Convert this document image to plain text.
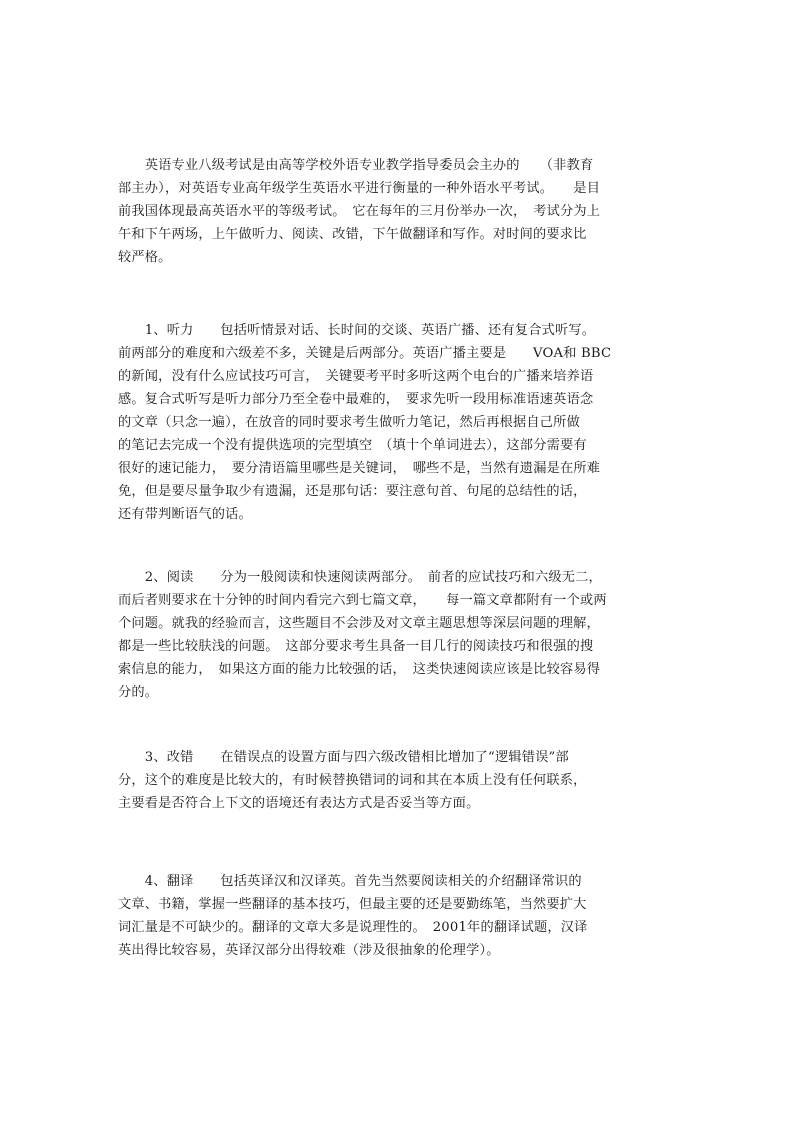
　　英语专业八级考试是由高等学校外语专业教学指导委员会主办的　　（非教育
部主办），对英语专业高年级学生英语水平进行衡量的一种外语水平考试。　　是目
前我国体现最高英语水平的等级考试。　它在每年的三月份举办一次，　考试分为上
午和下午两场，上午做听力、阅读、改错，下午做翻译和写作。对时间的要求比
较严格。
　　1、听力　　包括听情景对话、长时间的交谈、英语广播、还有复合式听写。
前两部分的难度和六级差不多，关键是后两部分。英语广播主要是　　VOA和 BBC
的新闻，没有什么应试技巧可言，　关键要考平时多听这两个电台的广播来培养语
感。复合式听写是听力部分乃至全卷中最难的，　要求先听一段用标准语速英语念
的文章（只念一遍），在放音的同时要求考生做听力笔记，然后再根据自己所做
的笔记去完成一个没有提供选项的完型填空　（填十个单词进去），这部分需要有
很好的速记能力，　要分清语篇里哪些是关键词，　哪些不是，当然有遗漏是在所难
免，但是要尽量争取少有遗漏，还是那句话：要注意句首、句尾的总结性的话，
还有带判断语气的话。
　　2、阅读　　分为一般阅读和快速阅读两部分。　前者的应试技巧和六级无二，
而后者则要求在十分钟的时间内看完六到七篇文章，　　每一篇文章都附有一个或两
个问题。就我的经验而言，这些题目不会涉及对文章主题思想等深层问题的理解，
都是一些比较肤浅的问题。　这部分要求考生具备一目几行的阅读技巧和很强的搜
索信息的能力，　如果这方面的能力比较强的话，　这类快速阅读应该是比较容易得
分的。
　　3、改错　　在错误点的设置方面与四六级改错相比增加了“逻辑错误”部
分，这个的难度是比较大的，有时候替换错词的词和其在本质上没有任何联系，
主要看是否符合上下文的语境还有表达方式是否妥当等方面。
　　4、翻译　　包括英译汉和汉译英。首先当然要阅读相关的介绍翻译常识的
文章、书籍，掌握一些翻译的基本技巧，但最主要的还是要勤练笔，当然要扩大
词汇量是不可缺少的。翻译的文章大多是说理性的。　2001年的翻译试题，汉译
英出得比较容易，英译汉部分出得较难（涉及很抽象的伦理学）。
